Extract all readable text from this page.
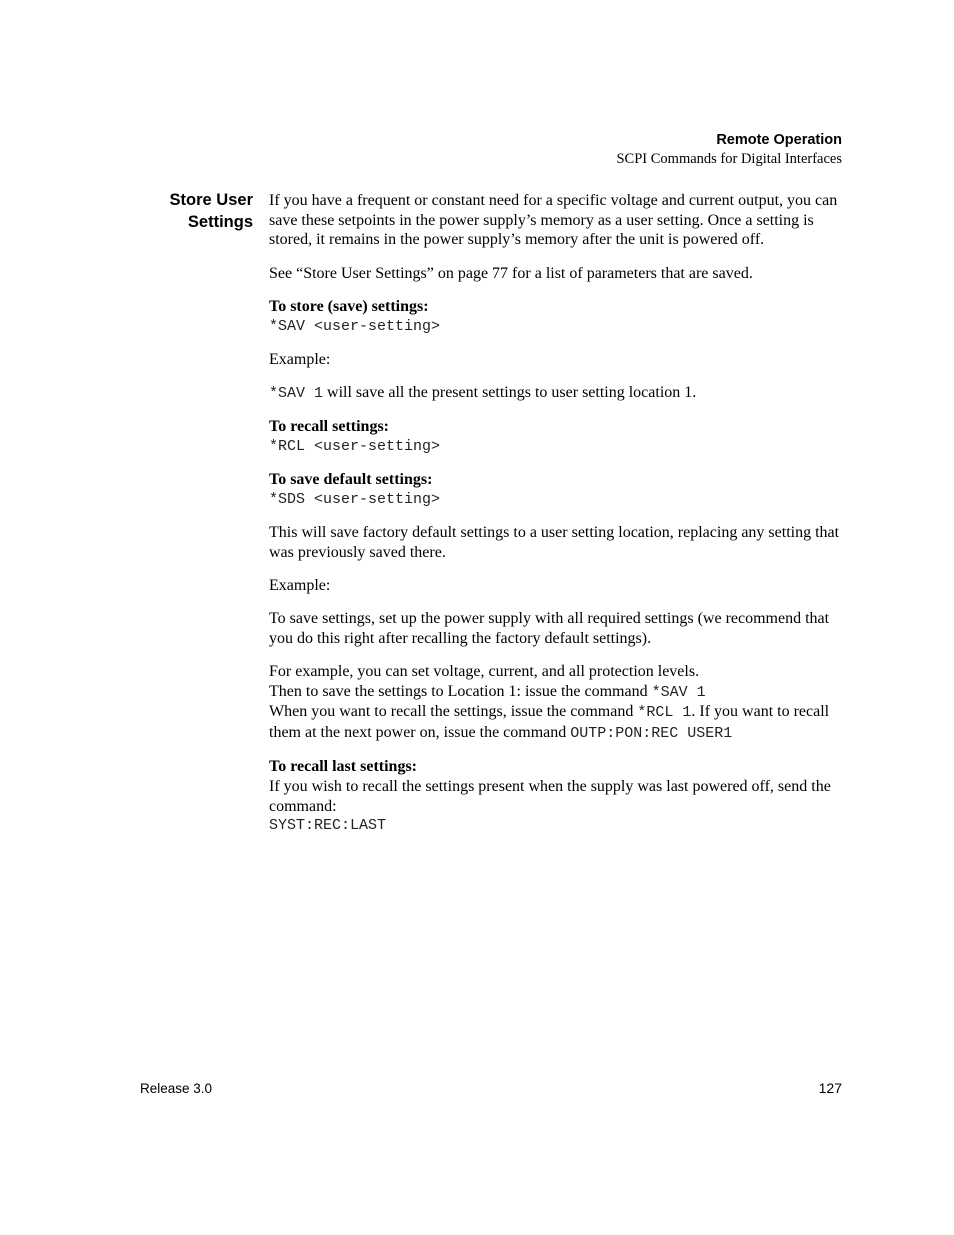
Remote Operation
SCPI Commands for Digital Interfaces
Store User
Settings

If you have a frequent or constant need for a specific voltage and current output, you can save these setpoints in the power supply’s memory as a user setting. Once a setting is stored, it remains in the power supply’s memory after the unit is powered off.

See “Store User Settings” on page 77 for a list of parameters that are saved.

To store (save) settings:
*SAV <user-setting>

Example:

*SAV 1 will save all the present settings to user setting location 1.

To recall settings:
*RCL <user-setting>
To save default settings:
*SDS <user-setting>

This will save factory default settings to a user setting location, replacing any setting that was previously saved there.

Example:

To save settings, set up the power supply with all required settings (we recommend that you do this right after recalling the factory default settings).

For example, you can set voltage, current, and all protection levels.
Then to save the settings to Location 1: issue the command *SAV 1
When you want to recall the settings, issue the command *RCL 1. If you want to recall them at the next power on, issue the command OUTP:PON:REC USER1
To recall last settings:
If you wish to recall the settings present when the supply was last powered off, send the command:
SYST:REC:LAST
Release 3.0	127
